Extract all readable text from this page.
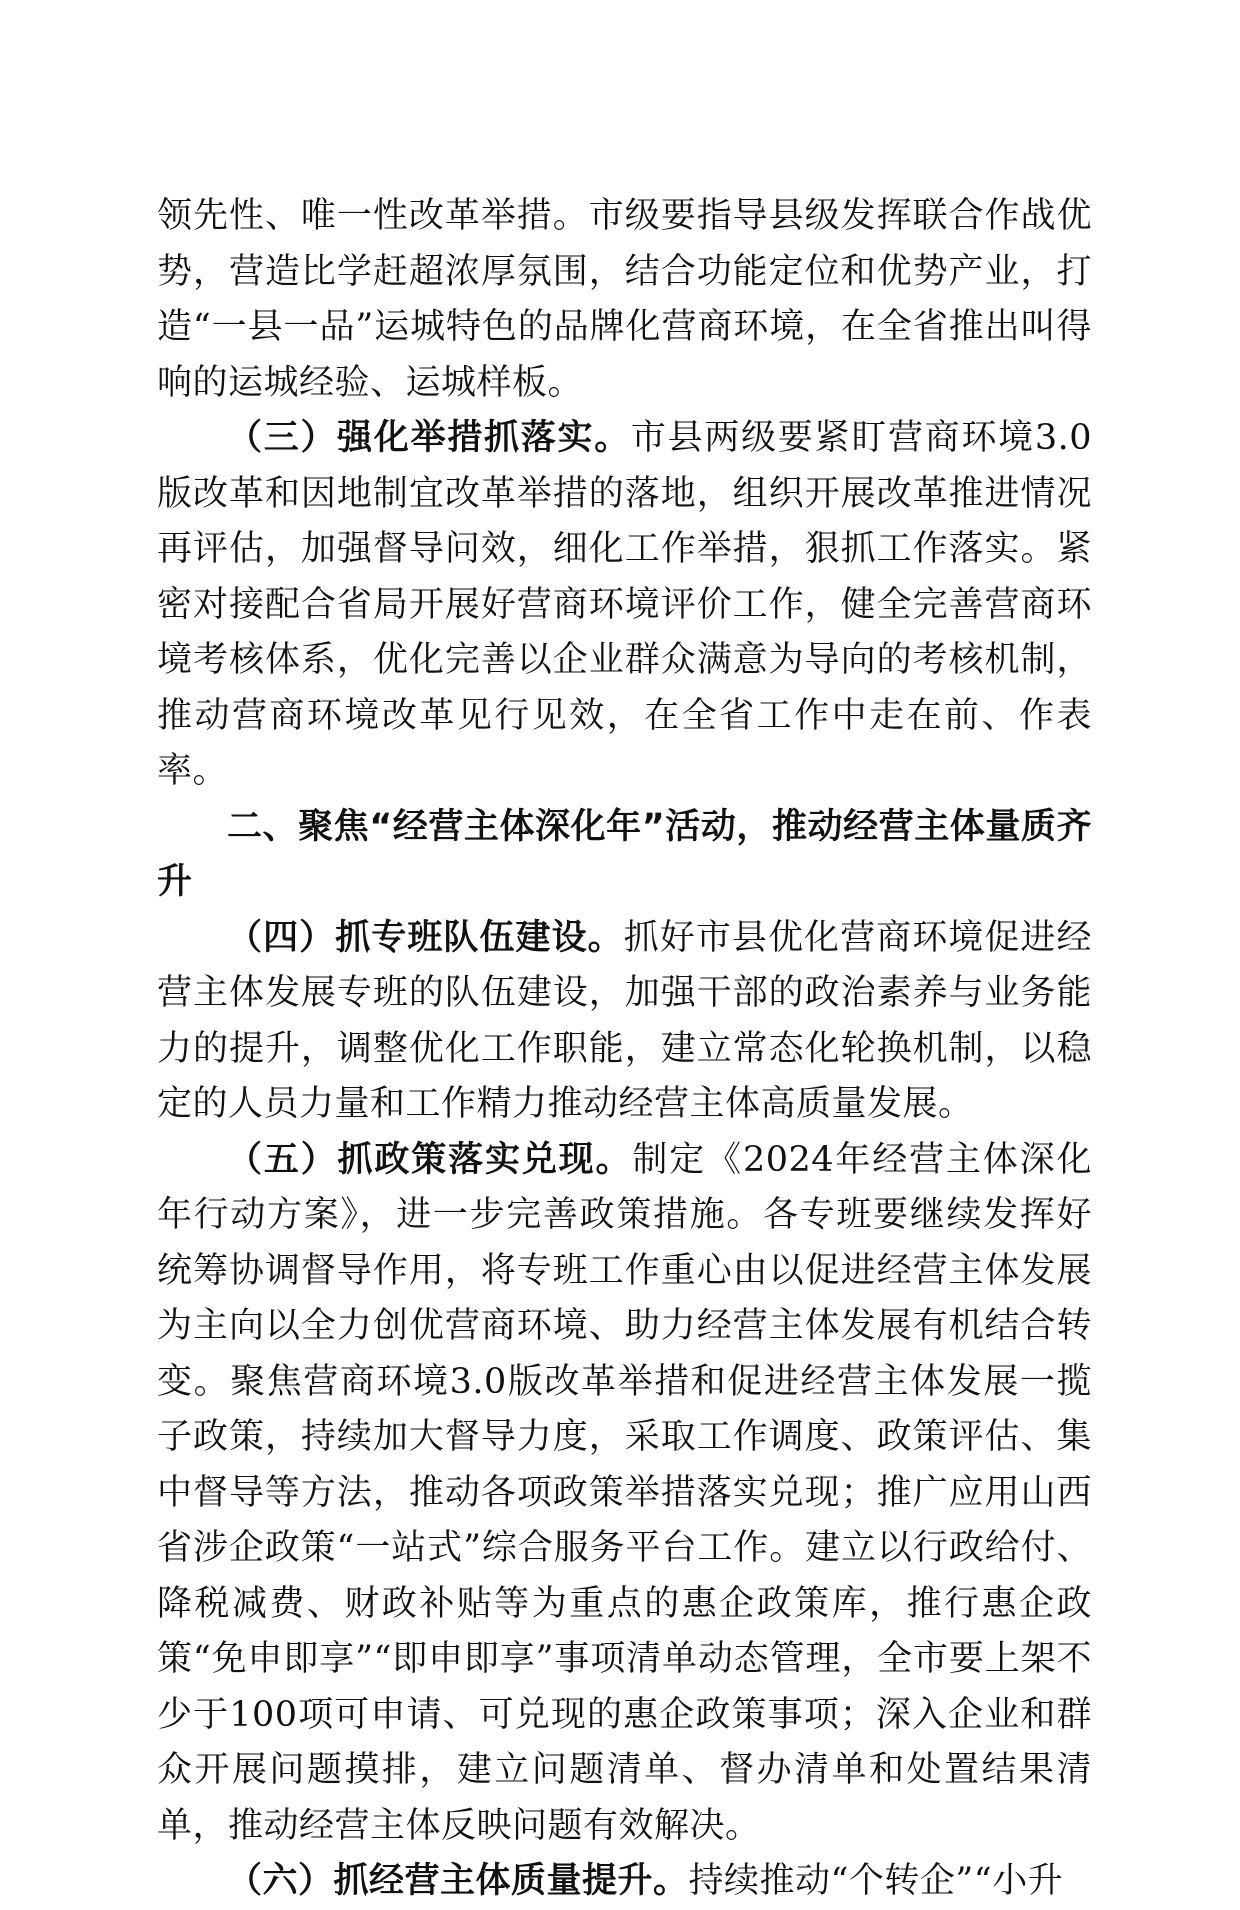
领先性、唯一性改革举措。市级要指导县级发挥联合作战优势，营造比学赶超浓厚氛围，结合功能定位和优势产业，打造“一县一品”运城特色的品牌化营商环境，在全省推出叫得响的运城经验、运城样板。

（三）强化举措抓落实。市县两级要紧盯营商环境3.0版改革和因地制宜改革举措的落地，组织开展改革推进情况再评估，加强督导问效，细化工作举措，狠抓工作落实。紧密对接配合省局开展好营商环境评价工作，健全完善营商环境考核体系，优化完善以企业群众满意为导向的考核机制，推动营商环境改革见行见效，在全省工作中走在前、作表率。

二、聚焦“经营主体深化年”活动，推动经营主体量质齐升

（四）抓专班队伍建设。抓好市县优化营商环境促进经营主体发展专班的队伍建设，加强干部的政治素养与业务能力的提升，调整优化工作职能，建立常态化轮换机制，以稳定的人员力量和工作精力推动经营主体高质量发展。

（五）抓政策落实兑现。制定《2024年经营主体深化年行动方案》，进一步完善政策措施。各专班要继续发挥好统筹协调督导作用，将专班工作重心由以促进经营主体发展为主向以全力创优营商环境、助力经营主体发展有机结合转变。聚焦营商环境3.0版改革举措和促进经营主体发展一揽子政策，持续加大督导力度，采取工作调度、政策评估、集中督导等方法，推动各项政策举措落实兑现；推广应用山西省涉企政策“一站式”综合服务平台工作。建立以行政给付、降税减费、财政补贴等为重点的惠企政策库，推行惠企政策“免申即享”“即申即享”事项清单动态管理，全市要上架不少于100项可申请、可兑现的惠企政策事项；深入企业和群众开展问题摸排，建立问题清单、督办清单和处置结果清单，推动经营主体反映问题有效解决。

（六）抓经营主体质量提升。持续推动“个转企”“小升
